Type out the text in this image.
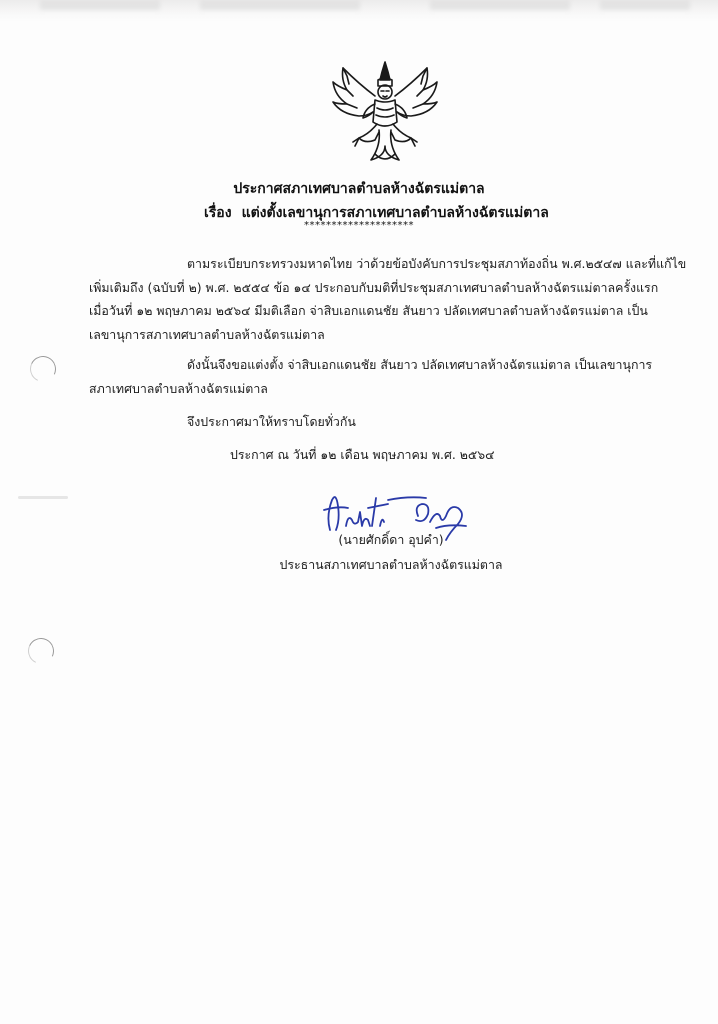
ประกาศสภาเทศบาลตำบลห้างฉัตรแม่ตาล
เรื่อง แต่งตั้งเลขานุการสภาเทศบาลตำบลห้างฉัตรแม่ตาล
********************
ตามระเบียบกระทรวงมหาดไทย ว่าด้วยข้อบังคับการประชุมสภาท้องถิ่น พ.ศ.๒๕๔๗ และที่แก้ไข
เพิ่มเติมถึง (ฉบับที่ ๒) พ.ศ. ๒๕๕๔ ข้อ ๑๔ ประกอบกับมติที่ประชุมสภาเทศบาลตำบลห้างฉัตรแม่ตาลครั้งแรก
เมื่อวันที่ ๑๒ พฤษภาคม ๒๕๖๔ มีมติเลือก จ่าสิบเอกแดนชัย สันยาว ปลัดเทศบาลตำบลห้างฉัตรแม่ตาล เป็น
เลขานุการสภาเทศบาลตำบลห้างฉัตรแม่ตาล
ดังนั้นจึงขอแต่งตั้ง จ่าสิบเอกแดนชัย สันยาว ปลัดเทศบาลห้างฉัตรแม่ตาล เป็นเลขานุการ
สภาเทศบาลตำบลห้างฉัตรแม่ตาล
จึงประกาศมาให้ทราบโดยทั่วกัน
ประกาศ ณ วันที่ ๑๒ เดือน พฤษภาคม พ.ศ. ๒๕๖๔
(นายศักดิ์ดา อุปคำ)
ประธานสภาเทศบาลตำบลห้างฉัตรแม่ตาล
